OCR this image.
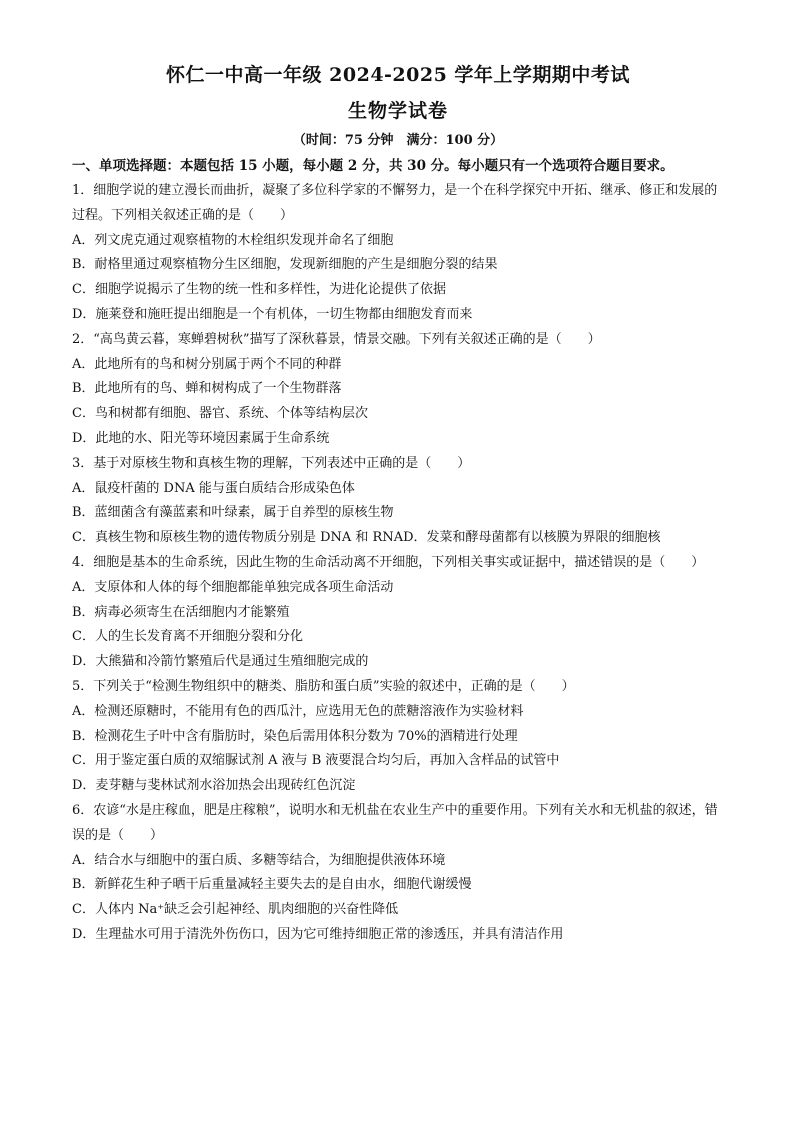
怀仁一中高一年级 2024-2025 学年上学期期中考试
生物学试卷
（时间：75 分钟　满分：100 分）
一、单项选择题：本题包括 15 小题，每小题 2 分，共 30 分。每小题只有一个选项符合题目要求。

1．细胞学说的建立漫长而曲折，凝聚了多位科学家的不懈努力，是一个在科学探究中开拓、继承、修正和发展的过程。下列相关叙述正确的是（　　）

A．列文虎克通过观察植物的木栓组织发现并命名了细胞

B．耐格里通过观察植物分生区细胞，发现新细胞的产生是细胞分裂的结果

C．细胞学说揭示了生物的统一性和多样性，为进化论提供了依据

D．施莱登和施旺提出细胞是一个有机体，一切生物都由细胞发育而来

2．“高鸟黄云暮，寒蝉碧树秋”描写了深秋暮景，情景交融。下列有关叙述正确的是（　　）

A．此地所有的鸟和树分别属于两个不同的种群

B．此地所有的鸟、蝉和树构成了一个生物群落

C．鸟和树都有细胞、器官、系统、个体等结构层次

D．此地的水、阳光等环境因素属于生命系统

3．基于对原核生物和真核生物的理解，下列表述中正确的是（　　）

A．鼠疫杆菌的 DNA 能与蛋白质结合形成染色体

B．蓝细菌含有藻蓝素和叶绿素，属于自养型的原核生物

C．真核生物和原核生物的遗传物质分别是 DNA 和 RNAD．发菜和酵母菌都有以核膜为界限的细胞核

4．细胞是基本的生命系统，因此生物的生命活动离不开细胞，下列相关事实或证据中，描述错误的是（　　）

A．支原体和人体的每个细胞都能单独完成各项生命活动

B．病毒必须寄生在活细胞内才能繁殖

C．人的生长发育离不开细胞分裂和分化

D．大熊猫和冷箭竹繁殖后代是通过生殖细胞完成的

5．下列关于“检测生物组织中的糖类、脂肪和蛋白质”实验的叙述中，正确的是（　　）

A．检测还原糖时，不能用有色的西瓜汁，应选用无色的蔗糖溶液作为实验材料

B．检测花生子叶中含有脂肪时，染色后需用体积分数为 70%的酒精进行处理

C．用于鉴定蛋白质的双缩脲试剂 A 液与 B 液要混合均匀后，再加入含样品的试管中

D．麦芽糖与斐林试剂水浴加热会出现砖红色沉淀

6．农谚“水是庄稼血，肥是庄稼粮”，说明水和无机盐在农业生产中的重要作用。下列有关水和无机盐的叙述，错误的是（　　）

A．结合水与细胞中的蛋白质、多糖等结合，为细胞提供液体环境

B．新鲜花生种子晒干后重量减轻主要失去的是自由水，细胞代谢缓慢

C．人体内 Na⁺缺乏会引起神经、肌肉细胞的兴奋性降低

D．生理盐水可用于清洗外伤伤口，因为它可维持细胞正常的渗透压，并具有清洁作用
